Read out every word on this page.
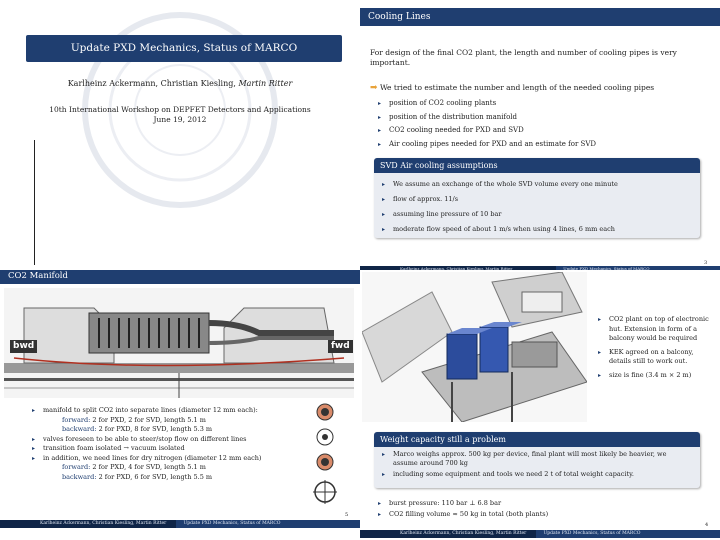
Update PXD Mechanics, Status of MARCO
Karlheinz Ackermann, Christian Kiesling, Martin Ritter
10th International Workshop on DEPFET Detectors and Applications
June 19, 2012
Cooling Lines
For design of the final CO2 plant, the length and number of cooling pipes is very important.
➡ We tried to estimate the number and length of the needed cooling pipes
▸ position of CO2 cooling plants
▸ position of the distribution manifold
▸ CO2 cooling needed for PXD and SVD
▸ Air cooling pipes needed for PXD and an estimate for SVD
SVD Air cooling assumptions
▸ We assume an exchange of the whole SVD volume every one minute
▸ flow of approx. 11/s
▸ assuming line pressure of 10 bar
▸ moderate flow speed of about 1 m/s when using 4 lines, 6 mm each
Karlheinz Ackermann, Christian Kiesling, Martin Ritter	Update PXD Mechanics, Status of MARCO
3
CO2 Manifold
bwd	fwd
▸ manifold to split CO2 into separate lines (diameter 12 mm each):
forward: 2 for PXD, 2 for SVD, length 5.1 m
backward: 2 for PXD, 8 for SVD, length 5.3 m
▸ valves foreseen to be able to steer/stop flow on different lines
▸ transition foam isolated → vacuum isolated
▸ in addition, we need lines for dry nitrogen (diameter 12 mm each)
forward: 2 for PXD, 4 for SVD, length 5.1 m
backward: 2 for PXD, 6 for SVD, length 5.5 m
Karlheinz Ackermann, Christian Kiesling, Martin Ritter	Update PXD Mechanics, Status of MARCO
5
▸ CO2 plant on top of electronic hut. Extension in form of a balcony would be required
▸ KEK agreed on a balcony, details still to work out.
▸ size is fine (3.4 m × 2 m)
Weight capacity still a problem
▸ Marco weighs approx. 500 kg per device, final plant will most likely be heavier, we assume around 700 kg
▸ including some equipment and tools we need 2 t of total weight capacity.
▸ burst pressure: 110 bar ⊥ 6.8 bar
▸ CO2 filling volume ≈ 50 kg in total (both plants)
Karlheinz Ackermann, Christian Kiesling, Martin Ritter	Update PXD Mechanics, Status of MARCO
4
